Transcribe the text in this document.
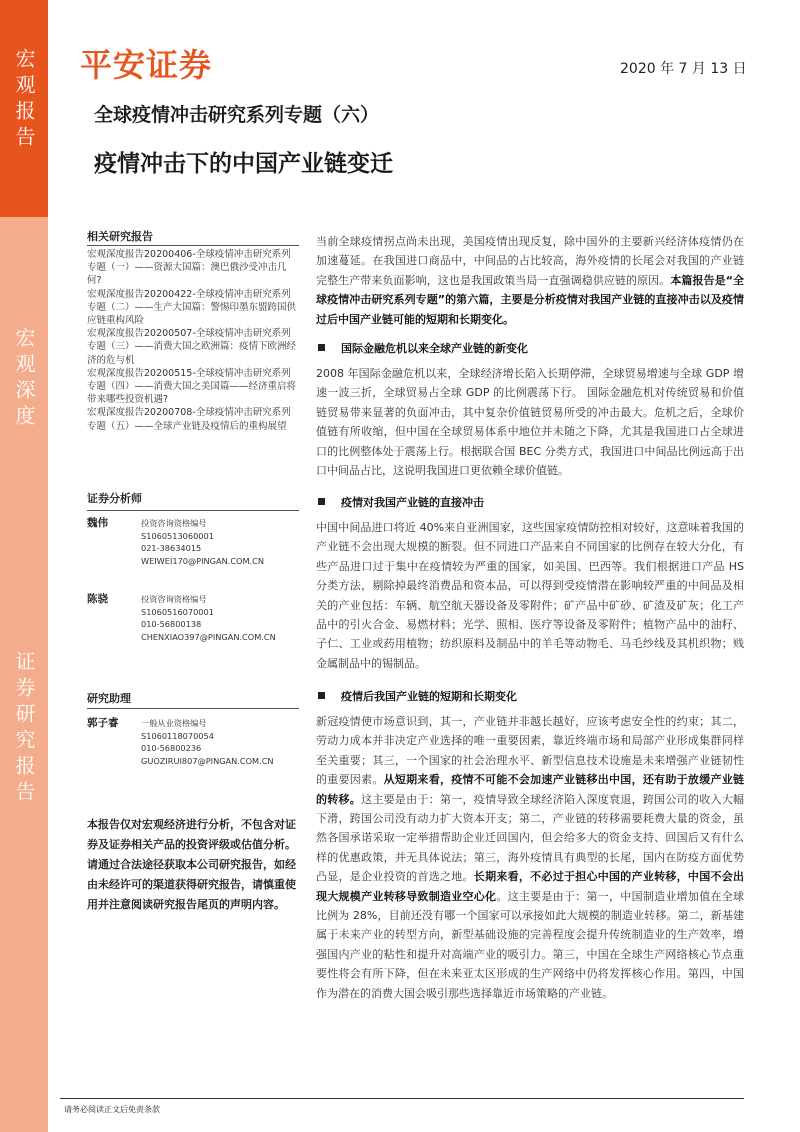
宏观报告
宏观深度
证券研究报告
平安证券	2020 年 7 月 13 日
全球疫情冲击研究系列专题（六）
疫情冲击下的中国产业链变迁
相关研究报告
宏观深度报告20200406-全球疫情冲击研究系列专题（一）——资源大国篇：澳巴俄沙受冲击几何?
宏观深度报告20200422-全球疫情冲击研究系列专题（二）——生产大国篇：警惕印墨东盟跨国供应链重构风险
宏观深度报告20200507-全球疫情冲击研究系列专题（三）——消费大国之欧洲篇：疫情下欧洲经济的危与机
宏观深度报告20200515-全球疫情冲击研究系列专题（四）——消费大国之美国篇——经济重启将带来哪些投资机遇?
宏观深度报告20200708-全球疫情冲击研究系列专题（五）——全球产业链及疫情后的重构展望
证券分析师
魏伟	投资咨询资格编号
S1060513060001
021-38634015
WEIWEI170@PINGAN.COM.CN
陈骁	投资咨询资格编号
S1060516070001
010-56800138
CHENXIAO397@PINGAN.COM.CN
研究助理
郭子睿	一般从业资格编号
S1060118070054
010-56800236
GUOZIRUI807@PINGAN.COM.CN
本报告仅对宏观经济进行分析，不包含对证券及证券相关产品的投资评级或估值分析。
请通过合法途径获取本公司研究报告，如经由未经许可的渠道获得研究报告，请慎重使用并注意阅读研究报告尾页的声明内容。
当前全球疫情拐点尚未出现，美国疫情出现反复，除中国外的主要新兴经济体疫情仍在加速蔓延。在我国进口商品中，中间品的占比较高，海外疫情的长尾会对我国的产业链完整生产带来负面影响，这也是我国政策当局一直强调稳供应链的原因。本篇报告是“全球疫情冲击研究系列专题”的第六篇，主要是分析疫情对我国产业链的直接冲击以及疫情过后中国产业链可能的短期和长期变化。
国际金融危机以来全球产业链的新变化
2008 年国际金融危机以来，全球经济增长陷入长期停滞，全球贸易增速与全球 GDP 增速一波三折，全球贸易占全球 GDP 的比例震荡下行。 国际金融危机对传统贸易和价值链贸易带来显著的负面冲击，其中复杂价值链贸易所受的冲击最大。危机之后，全球价值链有所收缩，但中国在全球贸易体系中地位并未随之下降，尤其是我国进口占全球进口的比例整体处于震荡上行。根据联合国 BEC 分类方式，我国进口中间品比例远高于出口中间品占比，这说明我国进口更依赖全球价值链。
疫情对我国产业链的直接冲击
中国中间品进口将近 40%来自亚洲国家，这些国家疫情防控相对较好，这意味着我国的产业链不会出现大规模的断裂。但不同进口产品来自不同国家的比例存在较大分化，有些产品进口过于集中在疫情较为严重的国家，如美国、巴西等。我们根据进口产品 HS 分类方法，剔除掉最终消费品和资本品，可以得到受疫情潜在影响较严重的中间品及相关的产业包括：车辆、航空航天器设备及零附件；矿产品中矿砂、矿渣及矿灰；化工产品中的引火合金、易燃材料；光学、照相、医疗等设备及零附件；植物产品中的油籽、子仁、工业或药用植物；纺织原料及制品中的羊毛等动物毛、马毛纱线及其机织物；贱金属制品中的锡制品。
疫情后我国产业链的短期和长期变化
新冠疫情使市场意识到，其一，产业链并非越长越好，应该考虑安全性的约束；其二，劳动力成本并非决定产业选择的唯一重要因素，靠近终端市场和局部产业形成集群同样至关重要；其三，一个国家的社会治理水平、新型信息技术设施是未来增强产业链韧性的重要因素。从短期来看，疫情不可能不会加速产业链移出中国，还有助于放缓产业链的转移。这主要是由于：第一，疫情导致全球经济陷入深度衰退，跨国公司的收入大幅下滑，跨国公司没有动力扩大资本开支；第二，产业链的转移需要耗费大量的资金，虽然各国承诺采取一定举措帮助企业迁回国内，但会给多大的资金支持、回国后又有什么样的优惠政策，并无具体说法；第三，海外疫情具有典型的长尾，国内在防疫方面优势凸显，是企业投资的首选之地。长期来看，不必过于担心中国的产业转移，中国不会出现大规模产业转移导致制造业空心化。这主要是由于：第一，中国制造业增加值在全球比例为 28%，目前还没有哪一个国家可以承接如此大规模的制造业转移。第二，新基建属于未来产业的转型方向，新型基础设施的完善程度会提升传统制造业的生产效率，增强国内产业的粘性和提升对高端产业的吸引力。第三，中国在全球生产网络核心节点重要性将会有所下降，但在未来亚太区形成的生产网络中仍将发挥核心作用。第四，中国作为潜在的消费大国会吸引那些选择靠近市场策略的产业链。
请务必阅读正文后免责条款
